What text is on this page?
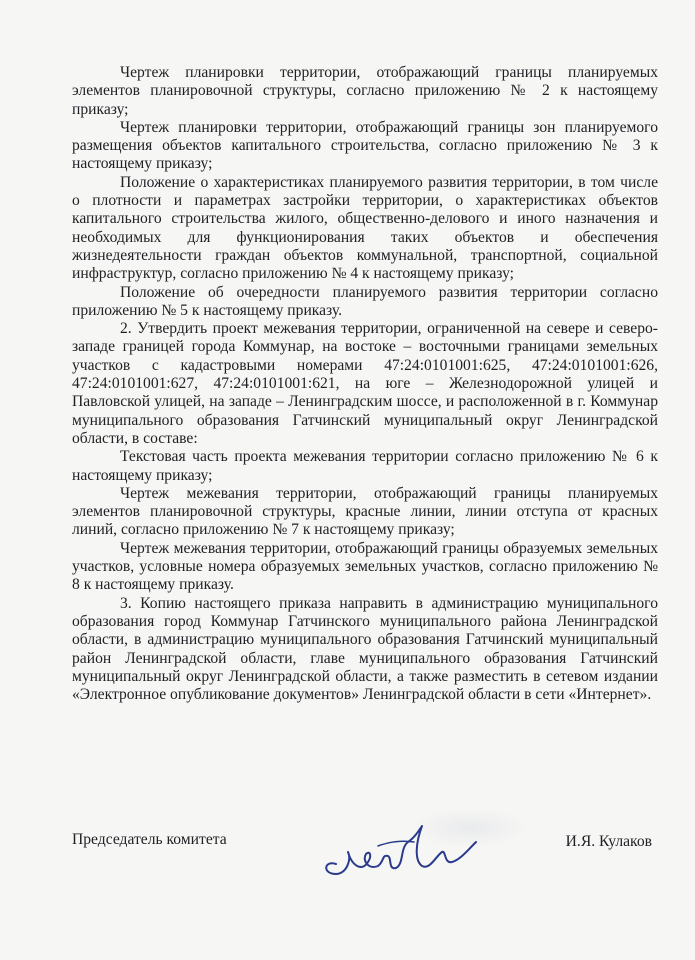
Чертеж планировки территории, отображающий границы планируемых элементов планировочной структуры, согласно приложению № 2 к настоящему приказу;

Чертеж планировки территории, отображающий границы зон планируемого размещения объектов капитального строительства, согласно приложению № 3 к настоящему приказу;

Положение о характеристиках планируемого развития территории, в том числе о плотности и параметрах застройки территории, о характеристиках объектов капитального строительства жилого, общественно-делового и иного назначения и необходимых для функционирования таких объектов и обеспечения жизнедеятельности граждан объектов коммунальной, транспортной, социальной инфраструктур, согласно приложению № 4 к настоящему приказу;

Положение об очередности планируемого развития территории согласно приложению № 5 к настоящему приказу.

2. Утвердить проект межевания территории, ограниченной на севере и северо-западе границей города Коммунар, на востоке – восточными границами земельных участков с кадастровыми номерами 47:24:0101001:625, 47:24:0101001:626, 47:24:0101001:627, 47:24:0101001:621, на юге – Железнодорожной улицей и Павловской улицей, на западе – Ленинградским шоссе, и расположенной в г. Коммунар муниципального образования Гатчинский муниципальный округ Ленинградской области, в составе:

Текстовая часть проекта межевания территории согласно приложению № 6 к настоящему приказу;

Чертеж межевания территории, отображающий границы планируемых элементов планировочной структуры, красные линии, линии отступа от красных линий, согласно приложению № 7 к настоящему приказу;

Чертеж межевания территории, отображающий границы образуемых земельных участков, условные номера образуемых земельных участков, согласно приложению № 8 к настоящему приказу.

3. Копию настоящего приказа направить в администрацию муниципального образования город Коммунар Гатчинского муниципального района Ленинградской области, в администрацию муниципального образования Гатчинский муниципальный район Ленинградской области, главе муниципального образования Гатчинский муниципальный округ Ленинградской области, а также разместить в сетевом издании «Электронное опубликование документов» Ленинградской области в сети «Интернет».

Председатель комитета	И.Я. Кулаков
